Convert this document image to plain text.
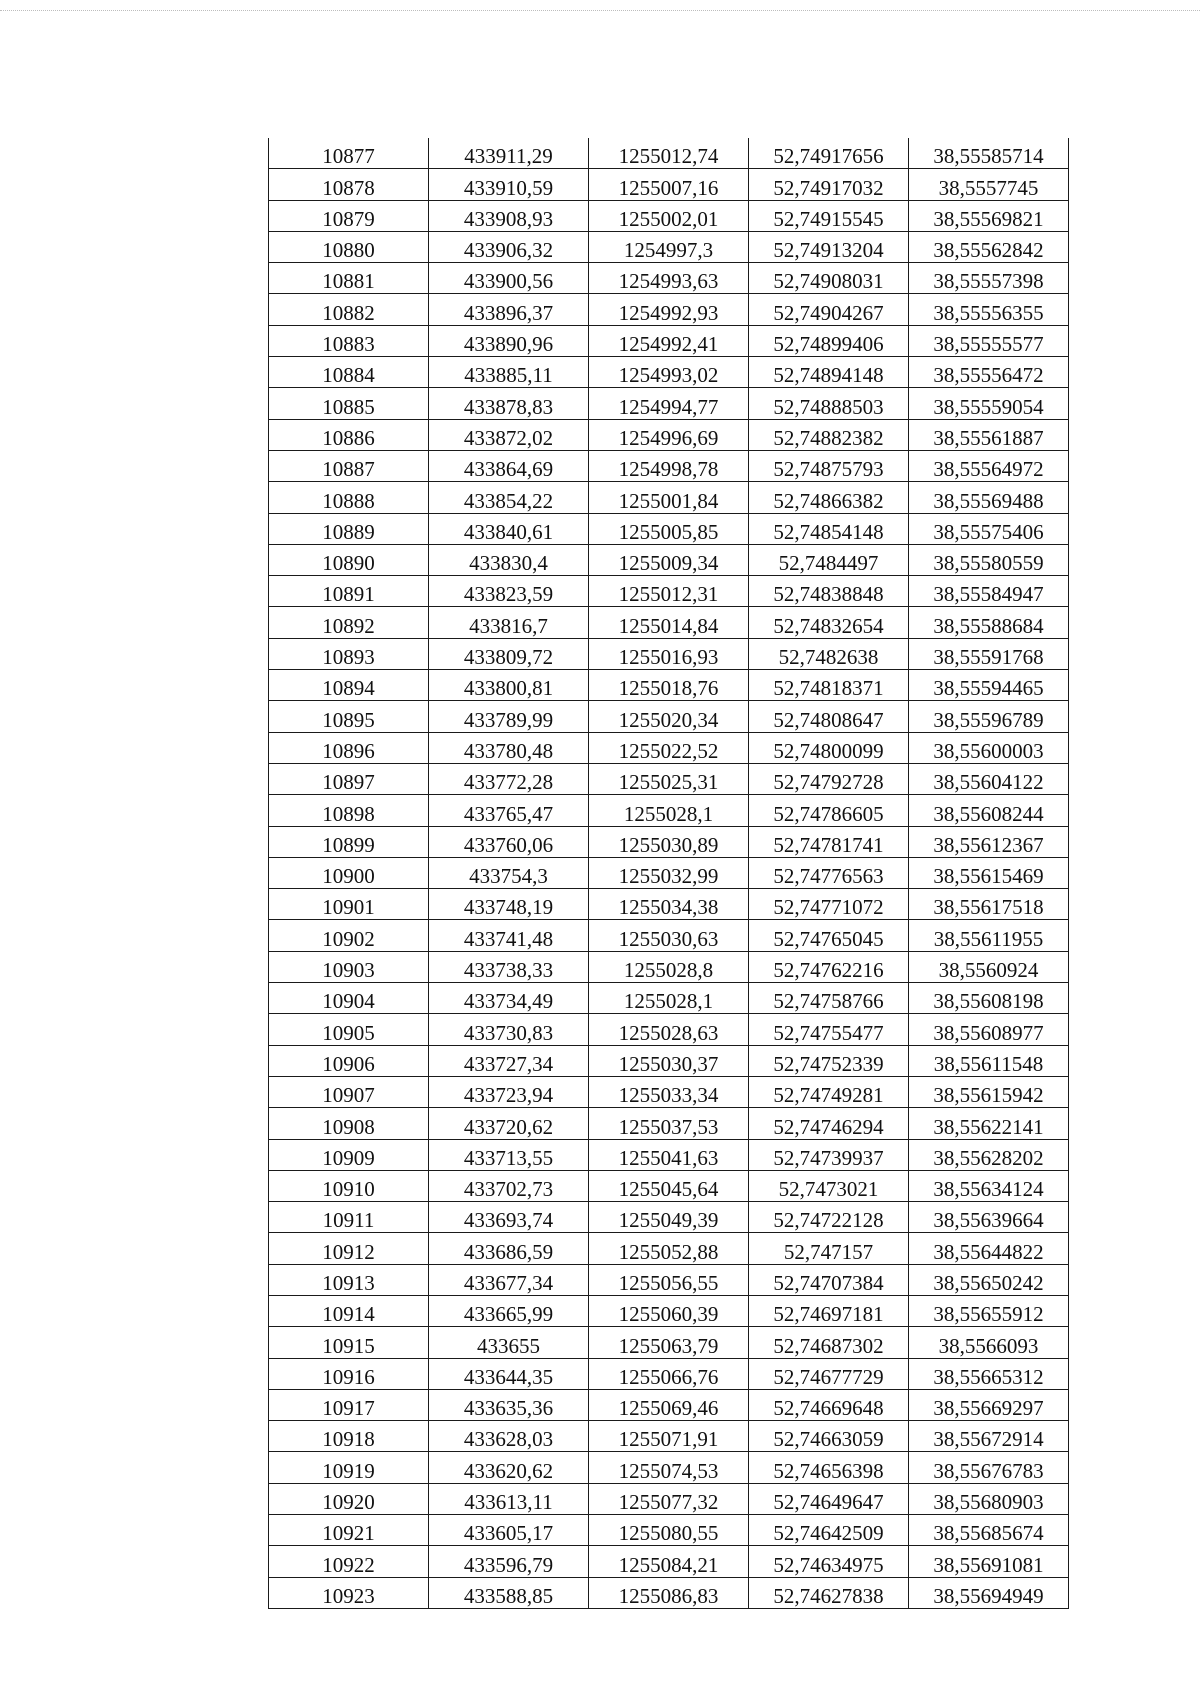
10877	433911,29	1255012,74	52,74917656	38,55585714
10878	433910,59	1255007,16	52,74917032	38,5557745
10879	433908,93	1255002,01	52,74915545	38,55569821
10880	433906,32	1254997,3	52,74913204	38,55562842
10881	433900,56	1254993,63	52,74908031	38,55557398
10882	433896,37	1254992,93	52,74904267	38,55556355
10883	433890,96	1254992,41	52,74899406	38,55555577
10884	433885,11	1254993,02	52,74894148	38,55556472
10885	433878,83	1254994,77	52,74888503	38,55559054
10886	433872,02	1254996,69	52,74882382	38,55561887
10887	433864,69	1254998,78	52,74875793	38,55564972
10888	433854,22	1255001,84	52,74866382	38,55569488
10889	433840,61	1255005,85	52,74854148	38,55575406
10890	433830,4	1255009,34	52,7484497	38,55580559
10891	433823,59	1255012,31	52,74838848	38,55584947
10892	433816,7	1255014,84	52,74832654	38,55588684
10893	433809,72	1255016,93	52,7482638	38,55591768
10894	433800,81	1255018,76	52,74818371	38,55594465
10895	433789,99	1255020,34	52,74808647	38,55596789
10896	433780,48	1255022,52	52,74800099	38,55600003
10897	433772,28	1255025,31	52,74792728	38,55604122
10898	433765,47	1255028,1	52,74786605	38,55608244
10899	433760,06	1255030,89	52,74781741	38,55612367
10900	433754,3	1255032,99	52,74776563	38,55615469
10901	433748,19	1255034,38	52,74771072	38,55617518
10902	433741,48	1255030,63	52,74765045	38,55611955
10903	433738,33	1255028,8	52,74762216	38,5560924
10904	433734,49	1255028,1	52,74758766	38,55608198
10905	433730,83	1255028,63	52,74755477	38,55608977
10906	433727,34	1255030,37	52,74752339	38,55611548
10907	433723,94	1255033,34	52,74749281	38,55615942
10908	433720,62	1255037,53	52,74746294	38,55622141
10909	433713,55	1255041,63	52,74739937	38,55628202
10910	433702,73	1255045,64	52,7473021	38,55634124
10911	433693,74	1255049,39	52,74722128	38,55639664
10912	433686,59	1255052,88	52,747157	38,55644822
10913	433677,34	1255056,55	52,74707384	38,55650242
10914	433665,99	1255060,39	52,74697181	38,55655912
10915	433655	1255063,79	52,74687302	38,5566093
10916	433644,35	1255066,76	52,74677729	38,55665312
10917	433635,36	1255069,46	52,74669648	38,55669297
10918	433628,03	1255071,91	52,74663059	38,55672914
10919	433620,62	1255074,53	52,74656398	38,55676783
10920	433613,11	1255077,32	52,74649647	38,55680903
10921	433605,17	1255080,55	52,74642509	38,55685674
10922	433596,79	1255084,21	52,74634975	38,55691081
10923	433588,85	1255086,83	52,74627838	38,55694949
